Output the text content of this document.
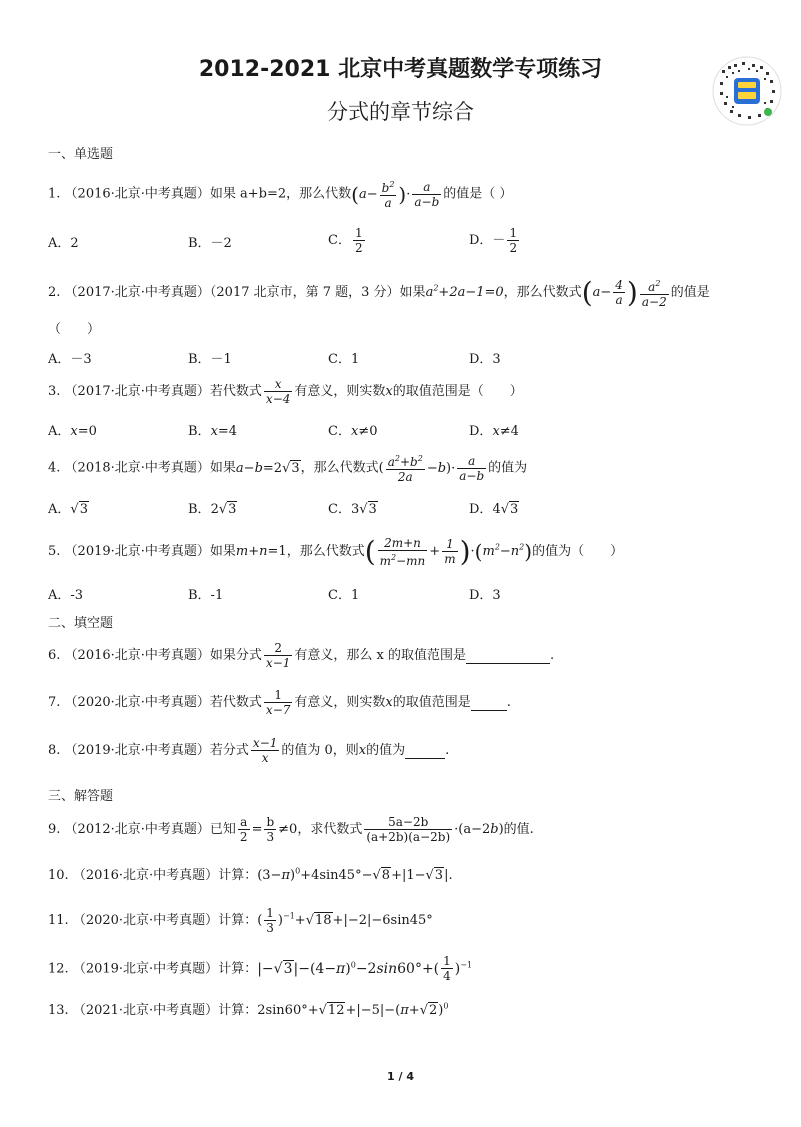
2012-2021 北京中考真题数学专项练习
分式的章节综合
一、单选题
1. （2016·北京·中考真题）如果 a+b=2，那么代数($a- \frac{b^2}{a}$ )· $\frac{a}{a-b}$ 的值是（ ）
A．2	B．－2	C． $\frac{1}{2}$	D．－ $\frac{1}{2}$
2. （2017·北京·中考真题）（2017 北京市，第 7 题，3 分）如果$a^2+2a-1=0$，那么代数式($a- \frac{4}{a}$ ) $\frac{a^2}{a-2}$ 的值是
（　　）
A．－3	B．－1	C．1	D．3
3. （2017·北京·中考真题）若代数式 $\frac{x}{x-4}$ 有意义，则实数x的取值范围是（　　）
A．x=0	B．x=4	C．x≠0	D．x≠4
4. （2018·北京·中考真题）如果a−b=2√3，那么代数式( $\frac{a^2+b^2}{2a} -b)\cdot \frac{a}{a-b}$ 的值为
A．√3	B．2√3	C．3√3	D．4√3
5. （2019·北京·中考真题）如果m+n=1，那么代数式( $\frac{2m+n}{m^2-mn} + \frac{1}{m} )\cdot(m^2-n^2)$的值为（　　）
A．-3	B．-1	C．1	D．3
二、填空题
6. （2016·北京·中考真题）如果分式 $\frac{2}{x-1}$ 有意义，那么 x 的取值范围是	.
7. （2020·北京·中考真题）若代数式 $\frac{1}{x-7}$ 有意义，则实数x的取值范围是	.
8. （2019·北京·中考真题）若分式 $\frac{x-1}{x}$ 的值为 0，则x的值为	.
三、解答题
9. （2012·北京·中考真题）已知 $\frac{a}{2} = \frac{b}{3} \ne 0$，求代数式 $\frac{5a-2b}{(a+2b)(a-2b)} \cdot(a-2b)$的值.
10. （2016·北京·中考真题）计算：$(3-\pi)^0+4\sin 45^\circ-√8+|1-√3|$.
11. （2020·北京·中考真题）计算：( $\frac{1}{3} )^{-1}+√18+|-2|-6\sin 45^\circ$
12. （2019·北京·中考真题）计算：$|-√3|-(4-\pi)^0-2\sin 60^\circ+( \frac{1}{4} )^{-1}$
13. （2021·北京·中考真题）计算：$2\sin 60^\circ+√12+|-5|-(\pi+√2)^0$
1 / 4
